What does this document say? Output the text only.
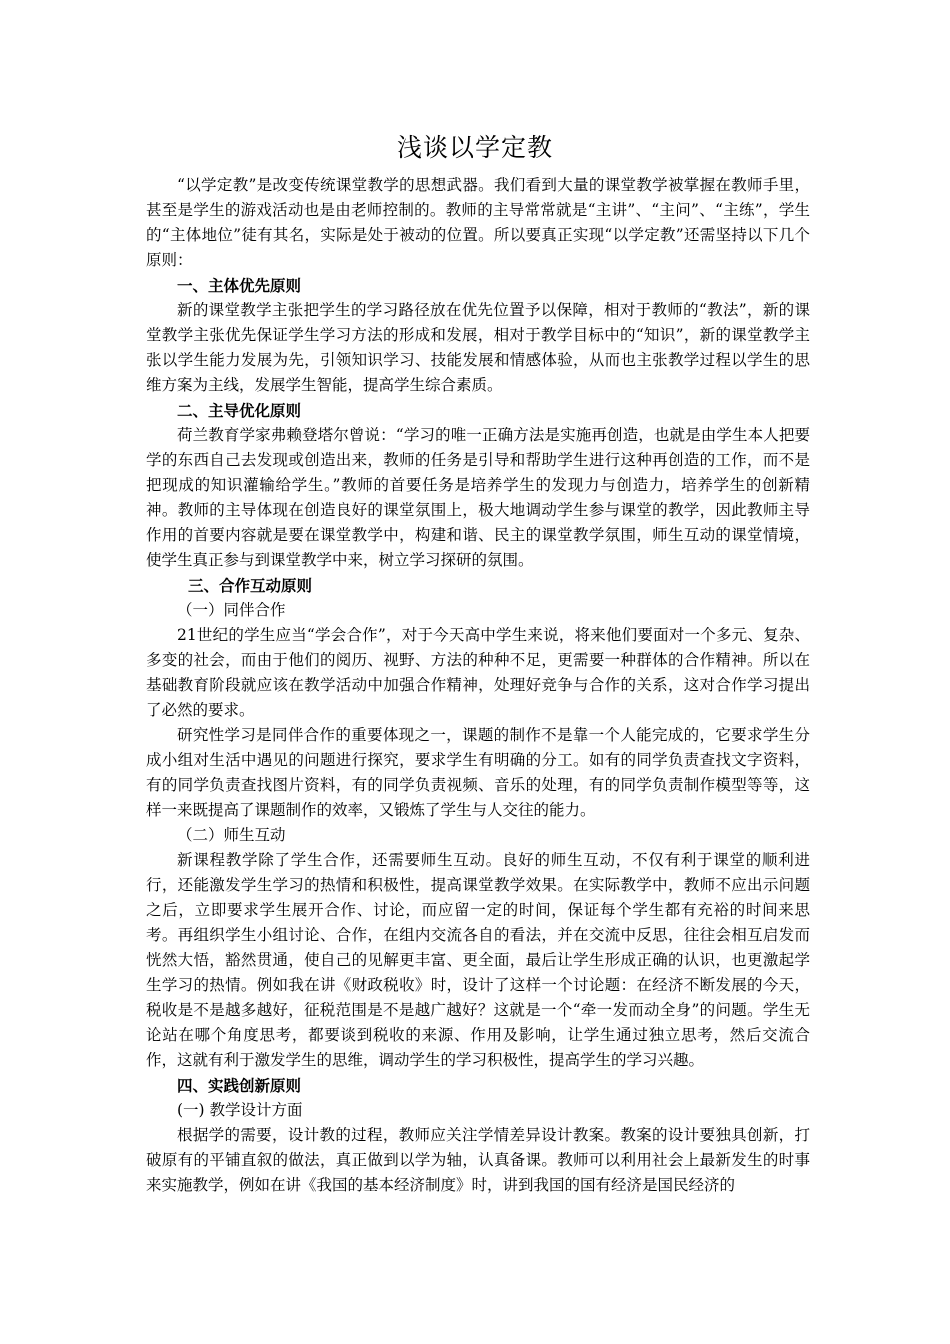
浅谈以学定教

“以学定教”是改变传统课堂教学的思想武器。我们看到大量的课堂教学被掌握在教师手里，甚至是学生的游戏活动也是由老师控制的。教师的主导常常就是“主讲”、“主问”、“主练”，学生的“主体地位”徒有其名，实际是处于被动的位置。所以要真正实现“以学定教”还需坚持以下几个原则：

一、主体优先原则

新的课堂教学主张把学生的学习路径放在优先位置予以保障，相对于教师的“教法”，新的课堂教学主张优先保证学生学习方法的形成和发展，相对于教学目标中的“知识”，新的课堂教学主张以学生能力发展为先，引领知识学习、技能发展和情感体验，从而也主张教学过程以学生的思维方案为主线，发展学生智能，提高学生综合素质。

二、主导优化原则

荷兰教育学家弗赖登塔尔曾说：“学习的唯一正确方法是实施再创造，也就是由学生本人把要学的东西自己去发现或创造出来，教师的任务是引导和帮助学生进行这种再创造的工作，而不是把现成的知识灌输给学生。”教师的首要任务是培养学生的发现力与创造力，培养学生的创新精神。教师的主导体现在创造良好的课堂氛围上，极大地调动学生参与课堂的教学，因此教师主导作用的首要内容就是要在课堂教学中，构建和谐、民主的课堂教学氛围，师生互动的课堂情境，使学生真正参与到课堂教学中来，树立学习探研的氛围。

三、合作互动原则

（一）同伴合作

21世纪的学生应当“学会合作”，对于今天高中学生来说，将来他们要面对一个多元、复杂、多变的社会，而由于他们的阅历、视野、方法的种种不足，更需要一种群体的合作精神。所以在基础教育阶段就应该在教学活动中加强合作精神，处理好竞争与合作的关系，这对合作学习提出了必然的要求。

研究性学习是同伴合作的重要体现之一，课题的制作不是靠一个人能完成的，它要求学生分成小组对生活中遇见的问题进行探究，要求学生有明确的分工。如有的同学负责查找文字资料，有的同学负责查找图片资料，有的同学负责视频、音乐的处理，有的同学负责制作模型等等，这样一来既提高了课题制作的效率，又锻炼了学生与人交往的能力。

（二）师生互动

新课程教学除了学生合作，还需要师生互动。良好的师生互动，不仅有利于课堂的顺利进行，还能激发学生学习的热情和积极性，提高课堂教学效果。在实际教学中，教师不应出示问题之后，立即要求学生展开合作、讨论，而应留一定的时间，保证每个学生都有充裕的时间来思考。再组织学生小组讨论、合作，在组内交流各自的看法，并在交流中反思，往往会相互启发而恍然大悟，豁然贯通，使自己的见解更丰富、更全面，最后让学生形成正确的认识，也更激起学生学习的热情。例如我在讲《财政税收》时，设计了这样一个讨论题：在经济不断发展的今天，税收是不是越多越好，征税范围是不是越广越好？这就是一个“牵一发而动全身”的问题。学生无论站在哪个角度思考，都要谈到税收的来源、作用及影响，让学生通过独立思考，然后交流合作，这就有利于激发学生的思维，调动学生的学习积极性，提高学生的学习兴趣。

四、实践创新原则

(一) 教学设计方面

根据学的需要，设计教的过程，教师应关注学情差异设计教案。教案的设计要独具创新，打破原有的平铺直叙的做法，真正做到以学为轴，认真备课。教师可以利用社会上最新发生的时事来实施教学，例如在讲《我国的基本经济制度》时，讲到我国的国有经济是国民经济的
